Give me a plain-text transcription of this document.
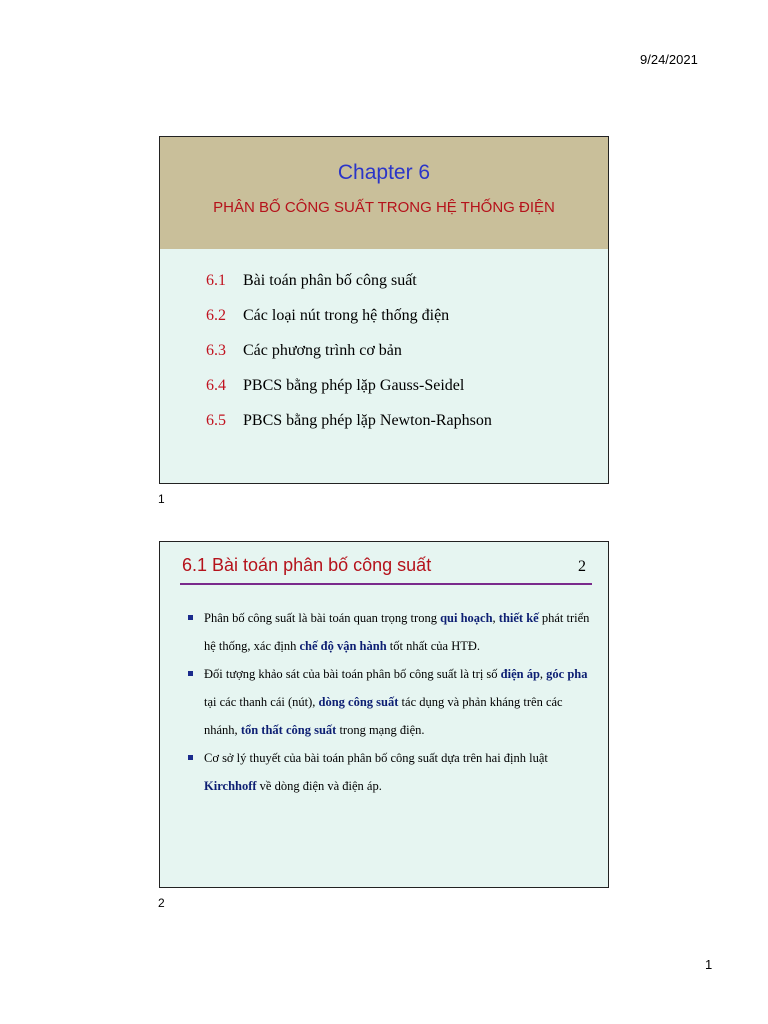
9/24/2021
Chapter 6
PHÂN BỐ CÔNG SUẤT TRONG HỆ THỐNG ĐIỆN
6.1	Bài toán phân bố công suất
6.2	Các loại nút trong hệ thống điện
6.3	Các phương trình cơ bản
6.4	PBCS bằng phép lặp Gauss-Seidel
6.5	PBCS bằng phép lặp Newton-Raphson
1
6.1 Bài toán phân bố công suất	2
Phân bố công suất là bài toán quan trọng trong qui hoạch, thiết kế phát triển hệ thống, xác định chế độ vận hành tốt nhất của HTĐ.
Đối tượng khảo sát của bài toán phân bố công suất là trị số điện áp, góc pha tại các thanh cái (nút), dòng công suất tác dụng và phản kháng trên các nhánh, tổn thất công suất trong mạng điện.
Cơ sở lý thuyết của bài toán phân bố công suất dựa trên hai định luật Kirchhoff về dòng điện và điện áp.
2
1
